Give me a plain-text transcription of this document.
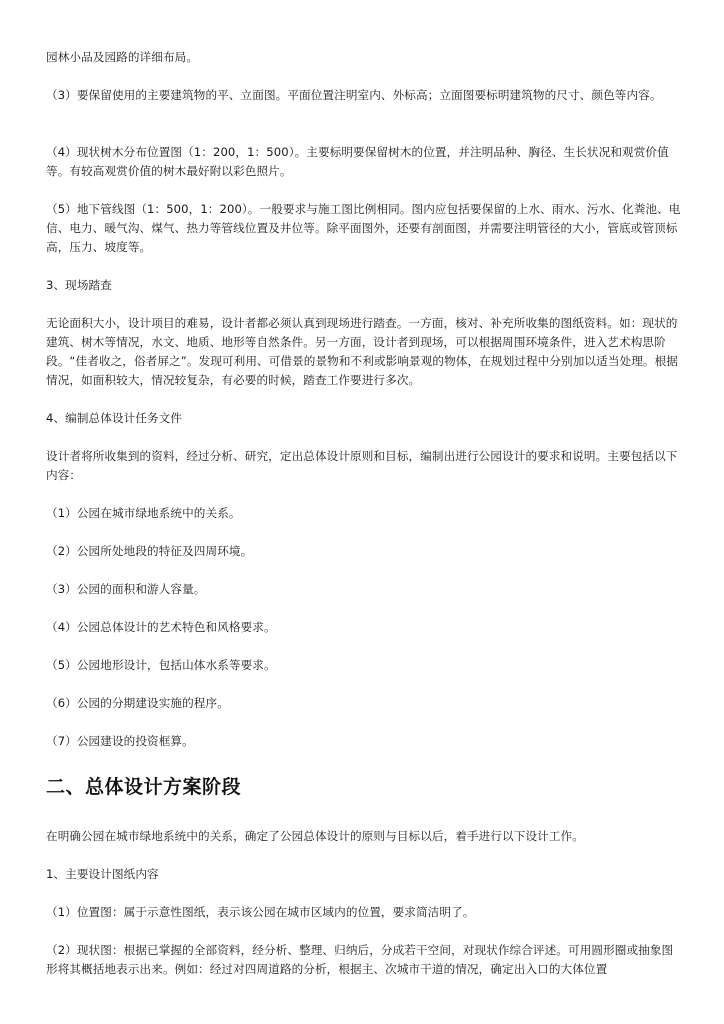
园林小品及园路的详细布局。
（3）要保留使用的主要建筑物的平、立面图。平面位置注明室内、外标高；立面图要标明建筑物的尺寸、颜色等内容。
（4）现状树木分布位置图（1：200，1：500）。主要标明要保留树木的位置，并注明品种、胸径、生长状况和观赏价值等。有较高观赏价值的树木最好附以彩色照片。
（5）地下管线图（1：500，1：200）。一般要求与施工图比例相同。图内应包括要保留的上水、雨水、污水、化粪池、电信、电力、暖气沟、煤气、热力等管线位置及井位等。除平面图外，还要有剖面图，并需要注明管径的大小，管底或管顶标高，压力、坡度等。
3、现场踏查
无论面积大小，设计项目的难易，设计者都必须认真到现场进行踏查。一方面，核对、补充所收集的图纸资料。如：现状的建筑、树木等情况，水文、地质、地形等自然条件。另一方面，设计者到现场，可以根据周围环境条件，进入艺术构思阶段。“佳者收之，俗者屏之”。发现可利用、可借景的景物和不利或影响景观的物体，在规划过程中分别加以适当处理。根据情况，如面积较大，情况较复杂，有必要的时候，踏查工作要进行多次。
4、编制总体设计任务文件
设计者将所收集到的资料，经过分析、研究，定出总体设计原则和目标，编制出进行公园设计的要求和说明。主要包括以下内容：
（1）公园在城市绿地系统中的关系。
（2）公园所处地段的特征及四周环境。
（3）公园的面积和游人容量。
（4）公园总体设计的艺术特色和风格要求。
（5）公园地形设计，包括山体水系等要求。
（6）公园的分期建设实施的程序。
（7）公园建设的投资框算。
二、总体设计方案阶段
在明确公园在城市绿地系统中的关系，确定了公园总体设计的原则与目标以后，着手进行以下设计工作。
1、主要设计图纸内容
（1）位置图：属于示意性图纸，表示该公园在城市区域内的位置，要求简洁明了。
（2）现状图：根据已掌握的全部资料，经分析、整理、归纳后，分成若干空间，对现状作综合评述。可用圆形圈或抽象图形将其概括地表示出来。例如：经过对四周道路的分析，根据主、次城市干道的情况，确定出入口的大体位置
